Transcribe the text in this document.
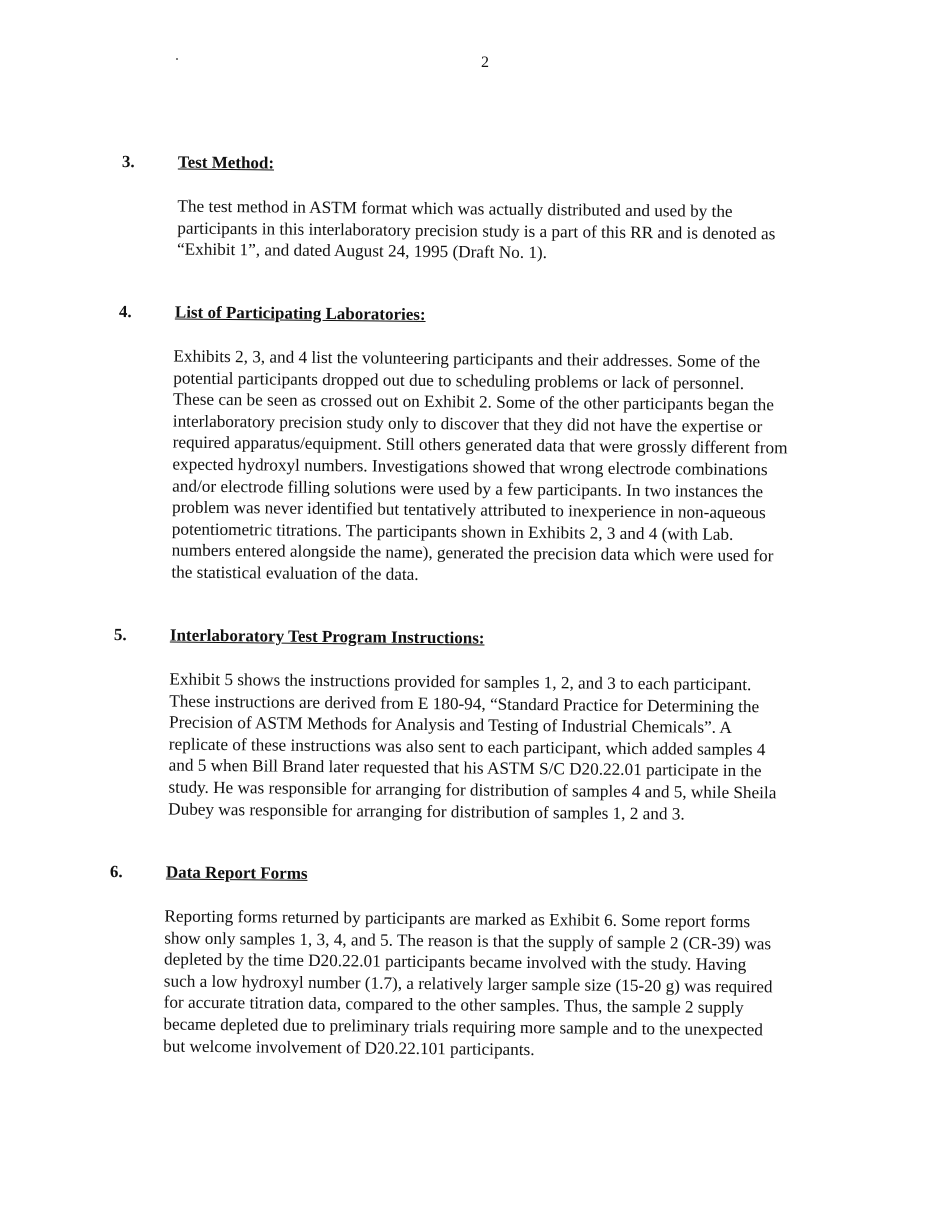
2
3.	Test Method:

The test method in ASTM format which was actually distributed and used by the

participants in this interlaboratory precision study is a part of this RR and is denoted as

“Exhibit 1”, and dated August 24, 1995 (Draft No. 1).

4.	List of Participating Laboratories:

Exhibits 2, 3, and 4 list the volunteering participants and their addresses. Some of the

potential participants dropped out due to scheduling problems or lack of personnel.

These can be seen as crossed out on Exhibit 2. Some of the other participants began the

interlaboratory precision study only to discover that they did not have the expertise or

required apparatus/equipment. Still others generated data that were grossly different from

expected hydroxyl numbers. Investigations showed that wrong electrode combinations

and/or electrode filling solutions were used by a few participants. In two instances the

problem was never identified but tentatively attributed to inexperience in non-aqueous

potentiometric titrations. The participants shown in Exhibits 2, 3 and 4 (with Lab.

numbers entered alongside the name), generated the precision data which were used for

the statistical evaluation of the data.

5.	Interlaboratory Test Program Instructions:

Exhibit 5 shows the instructions provided for samples 1, 2, and 3 to each participant.

These instructions are derived from E 180-94, “Standard Practice for Determining the

Precision of ASTM Methods for Analysis and Testing of Industrial Chemicals”. A

replicate of these instructions was also sent to each participant, which added samples 4

and 5 when Bill Brand later requested that his ASTM S/C D20.22.01 participate in the

study. He was responsible for arranging for distribution of samples 4 and 5, while Sheila

Dubey was responsible for arranging for distribution of samples 1, 2 and 3.

6.	Data Report Forms

Reporting forms returned by participants are marked as Exhibit 6. Some report forms

show only samples 1, 3, 4, and 5. The reason is that the supply of sample 2 (CR-39) was

depleted by the time D20.22.01 participants became involved with the study. Having

such a low hydroxyl number (1.7), a relatively larger sample size (15-20 g) was required

for accurate titration data, compared to the other samples. Thus, the sample 2 supply

became depleted due to preliminary trials requiring more sample and to the unexpected

but welcome involvement of D20.22.101 participants.
